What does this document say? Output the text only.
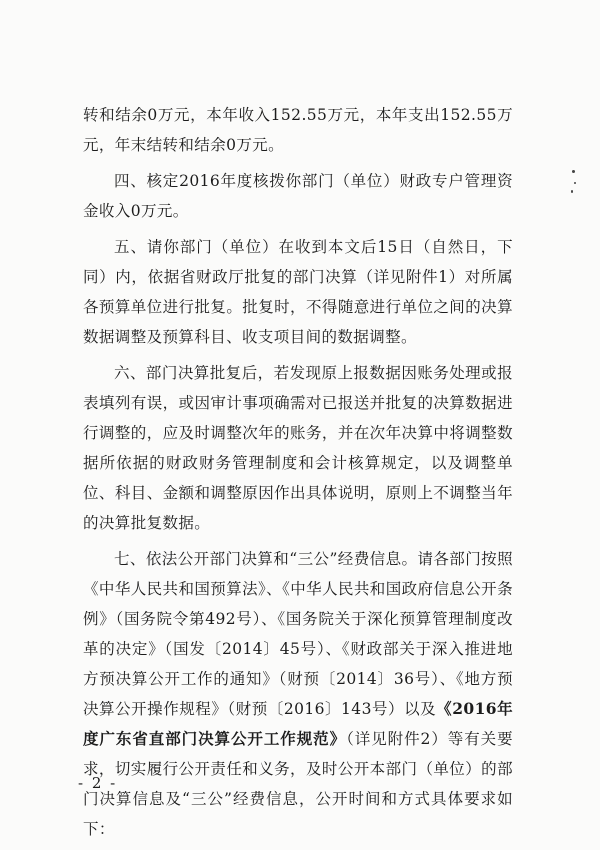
转和结余0万元，本年收入152.55万元，本年支出152.55万元，年末结转和结余0万元。

四、核定2016年度核拨你部门（单位）财政专户管理资金收入0万元。

五、请你部门（单位）在收到本文后15日（自然日，下同）内，依据省财政厅批复的部门决算（详见附件1）对所属各预算单位进行批复。批复时，不得随意进行单位之间的决算数据调整及预算科目、收支项目间的数据调整。

六、部门决算批复后，若发现原上报数据因账务处理或报表填列有误，或因审计事项确需对已报送并批复的决算数据进行调整的，应及时调整次年的账务，并在次年决算中将调整数据所依据的财政财务管理制度和会计核算规定，以及调整单位、科目、金额和调整原因作出具体说明，原则上不调整当年的决算批复数据。

七、依法公开部门决算和“三公”经费信息。请各部门按照《中华人民共和国预算法》、《中华人民共和国政府信息公开条例》（国务院令第492号）、《国务院关于深化预算管理制度改革的决定》（国发〔2014〕45号）、《财政部关于深入推进地方预决算公开工作的通知》（财预〔2014〕36号）、《地方预决算公开操作规程》（财预〔2016〕143号）以及《2016年度广东省直部门决算公开工作规范》（详见附件2）等有关要求，切实履行公开责任和义务，及时公开本部门（单位）的部门决算信息及“三公”经费信息，公开时间和方式具体要求如下：

- 2 -
